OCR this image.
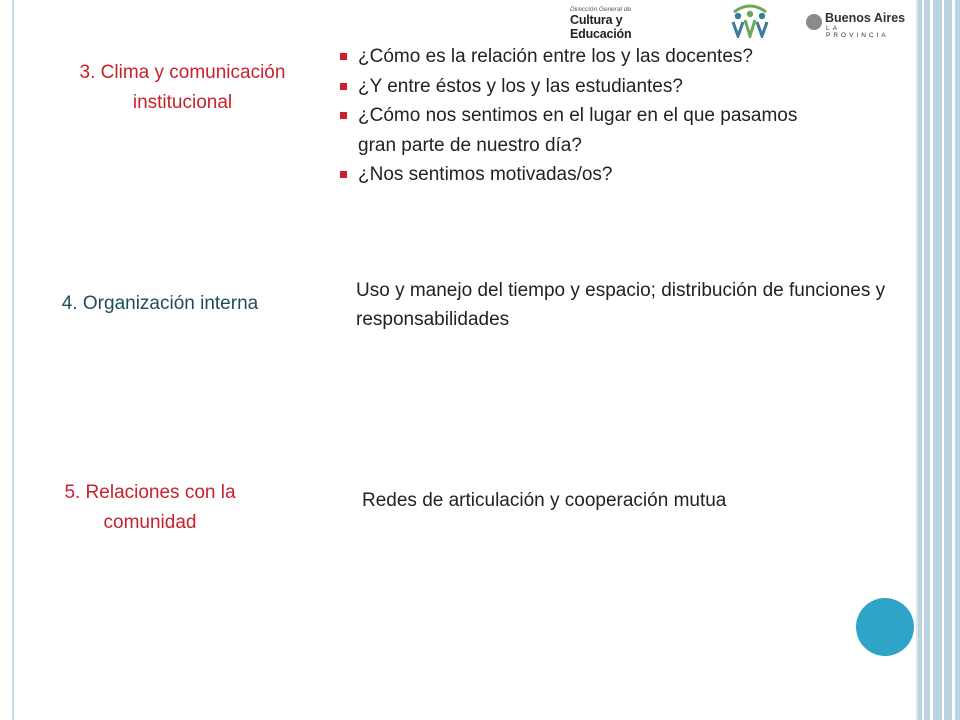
Dirección General de
Cultura y Educación
Buenos Aires
LA PROVINCIA
3. Clima y comunicación institucional
¿Cómo es la relación entre los y las docentes?
¿Y entre éstos y los y las estudiantes?
¿Cómo nos sentimos en el lugar en el que pasamos gran parte de nuestro día?
¿Nos sentimos motivadas/os?
4. Organización interna
Uso y manejo del tiempo y espacio; distribución de funciones y responsabilidades
5. Relaciones con la comunidad
Redes de articulación y cooperación mutua
